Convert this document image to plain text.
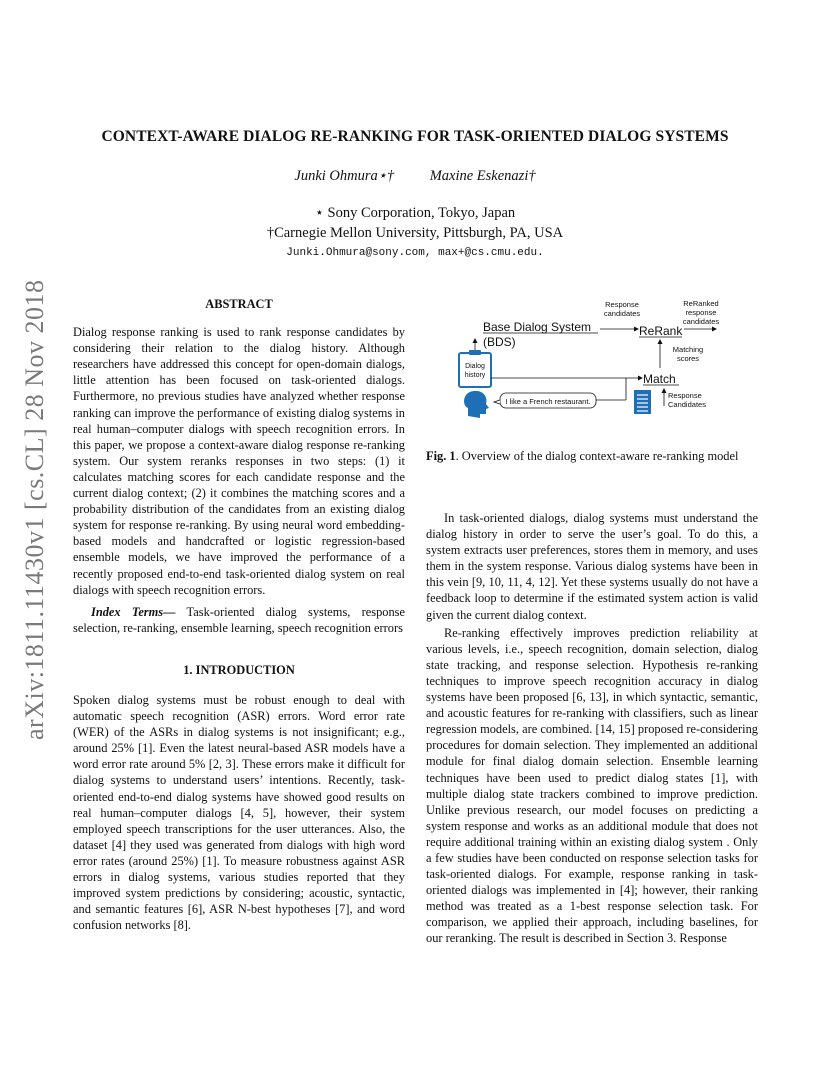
arXiv:1811.11430v1 [cs.CL] 28 Nov 2018
CONTEXT-AWARE DIALOG RE-RANKING FOR TASK-ORIENTED DIALOG SYSTEMS
Junki Ohmura⋆† Maxine Eskenazi†
⋆ Sony Corporation, Tokyo, Japan
†Carnegie Mellon University, Pittsburgh, PA, USA
Junki.Ohmura@sony.com, max+@cs.cmu.edu.

ABSTRACT

Dialog response ranking is used to rank response candidates by considering their relation to the dialog history. Although researchers have addressed this concept for open-domain dialogs, little attention has been focused on task-oriented dialogs. Furthermore, no previous studies have analyzed whether response ranking can improve the performance of existing dialog systems in real human–computer dialogs with speech recognition errors. In this paper, we propose a context-aware dialog response re-ranking system. Our system reranks responses in two steps: (1) it calculates matching scores for each candidate response and the current dialog context; (2) it combines the matching scores and a probability distribution of the candidates from an existing dialog system for response re-ranking. By using neural word embedding-based models and handcrafted or logistic regression-based ensemble models, we have improved the performance of a recently proposed end-to-end task-oriented dialog system on real dialogs with speech recognition errors.

Index Terms— Task-oriented dialog systems, response selection, re-ranking, ensemble learning, speech recognition errors

1. INTRODUCTION

Spoken dialog systems must be robust enough to deal with automatic speech recognition (ASR) errors. Word error rate (WER) of the ASRs in dialog systems is not insignificant; e.g., around 25% [1]. Even the latest neural-based ASR models have a word error rate around 5% [2, 3]. These errors make it difficult for dialog systems to understand users’ intentions. Recently, task-oriented end-to-end dialog systems have showed good results on real human–computer dialogs [4, 5], however, their system employed speech transcriptions for the user utterances. Also, the dataset [4] they used was generated from dialogs with high word error rates (around 25%) [1]. To measure robustness against ASR errors in dialog systems, various studies reported that they improved system predictions by considering; acoustic, syntactic, and semantic features [6], ASR N-best hypotheses [7], and word confusion networks [8].

Response
candidates
ReRanked
response
candidates
Base Dialog System
(BDS)
ReRank
Matching
scores
Dialog
history	Match
I like a French restaurant.
Response
Candidates
Fig. 1. Overview of the dialog context-aware re-ranking model

In task-oriented dialogs, dialog systems must understand the dialog history in order to serve the user’s goal. To do this, a system extracts user preferences, stores them in memory, and uses them in the system response. Various dialog systems have been in this vein [9, 10, 11, 4, 12]. Yet these systems usually do not have a feedback loop to determine if the estimated system action is valid given the current dialog context.

Re-ranking effectively improves prediction reliability at various levels, i.e., speech recognition, domain selection, dialog state tracking, and response selection. Hypothesis re-ranking techniques to improve speech recognition accuracy in dialog systems have been proposed [6, 13], in which syntactic, semantic, and acoustic features for re-ranking with classifiers, such as linear regression models, are combined. [14, 15] proposed re-considering procedures for domain selection. They implemented an additional module for final dialog domain selection. Ensemble learning techniques have been used to predict dialog states [1], with multiple dialog state trackers combined to improve prediction. Unlike previous research, our model focuses on predicting a system response and works as an additional module that does not require additional training within an existing dialog system . Only a few studies have been conducted on response selection tasks for task-oriented dialogs. For example, response ranking in task-oriented dialogs was implemented in [4]; however, their ranking method was treated as a 1-best response selection task. For comparison, we applied their approach, including baselines, for our reranking. The result is described in Section 3. Response
